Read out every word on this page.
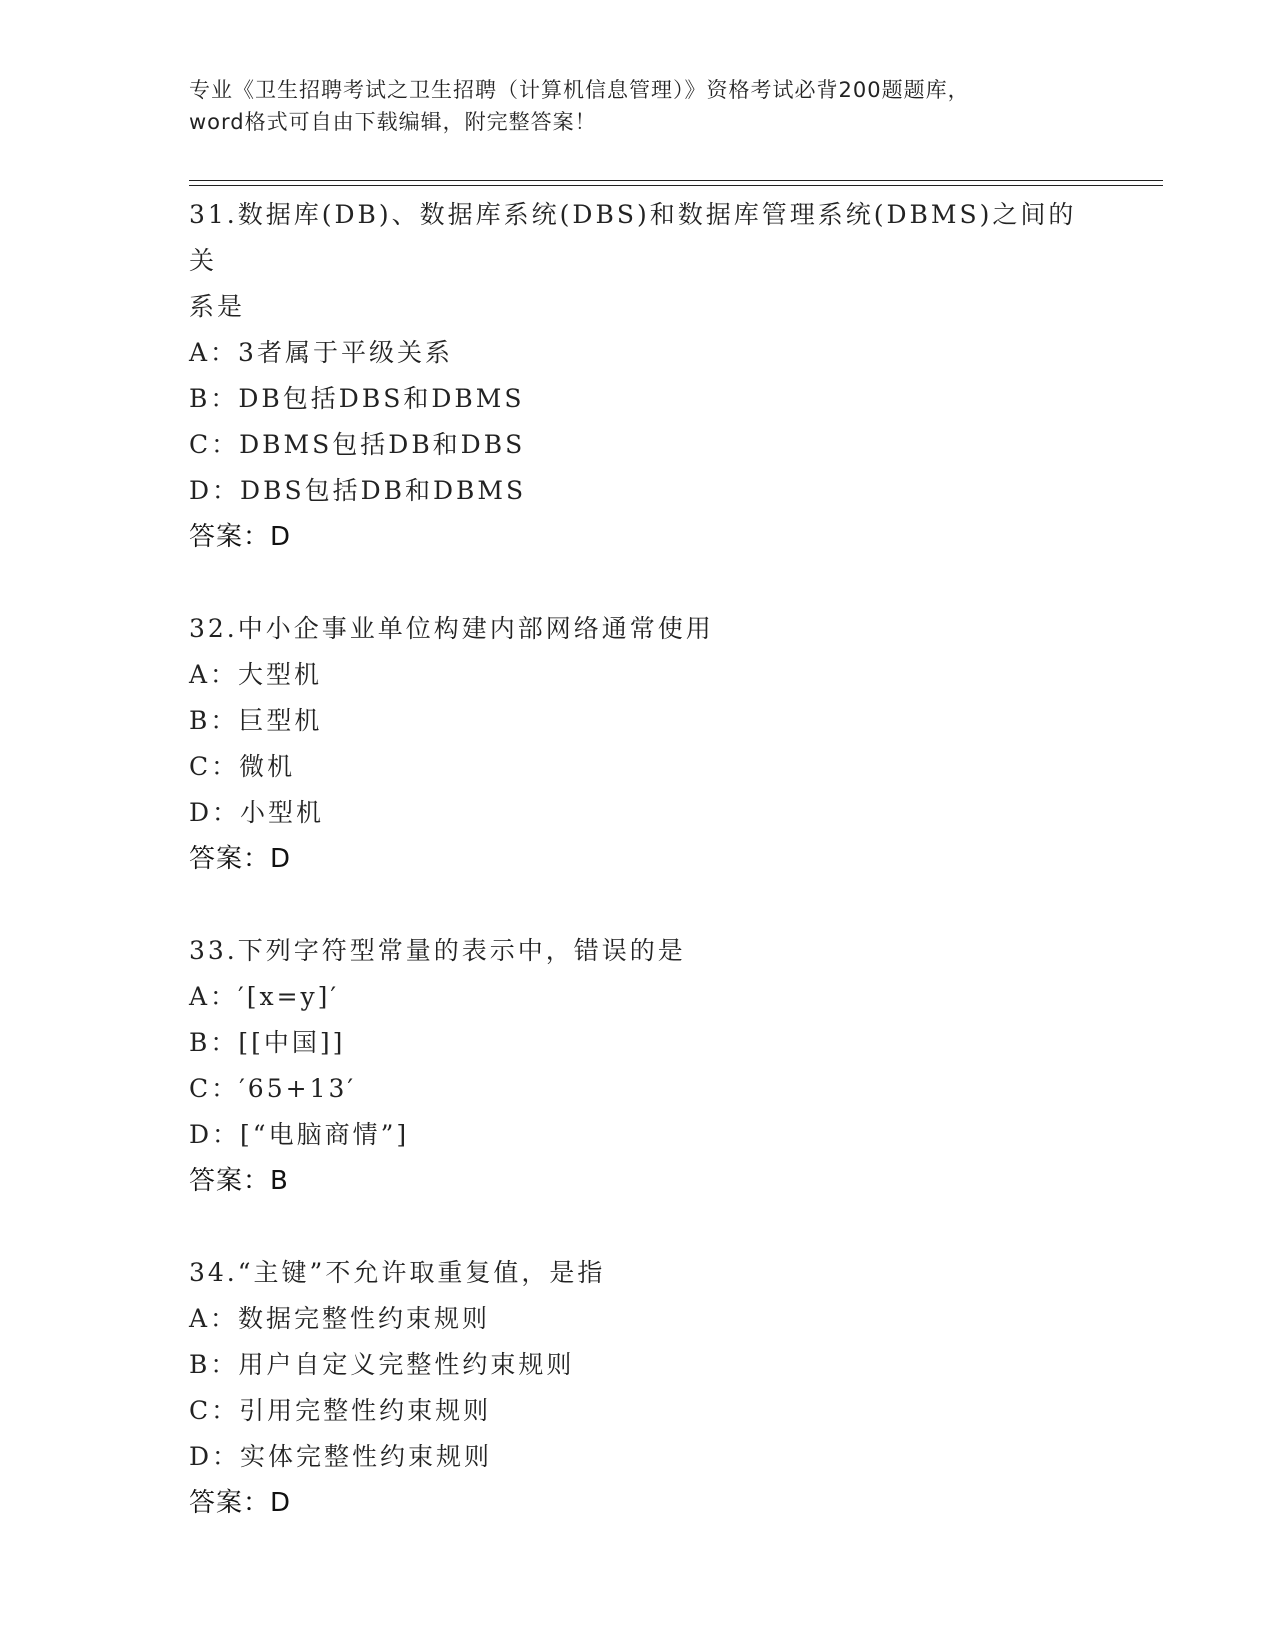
专业《卫生招聘考试之卫生招聘（计算机信息管理）》资格考试必背200题题库，
word格式可自由下载编辑，附完整答案！
31.数据库(DB)、数据库系统(DBS)和数据库管理系统(DBMS)之间的关
系是
A：3者属于平级关系
B：DB包括DBS和DBMS
C：DBMS包括DB和DBS
D：DBS包括DB和DBMS
答案：D
32.中小企事业单位构建内部网络通常使用
A：大型机
B：巨型机
C：微机
D：小型机
答案：D
33.下列字符型常量的表示中，错误的是
A：′[x=y]′
B：[[中国]]
C：′65+13′
D：[“电脑商情”]
答案：B
34.“主键”不允许取重复值，是指
A：数据完整性约束规则
B：用户自定义完整性约束规则
C：引用完整性约束规则
D：实体完整性约束规则
答案：D
